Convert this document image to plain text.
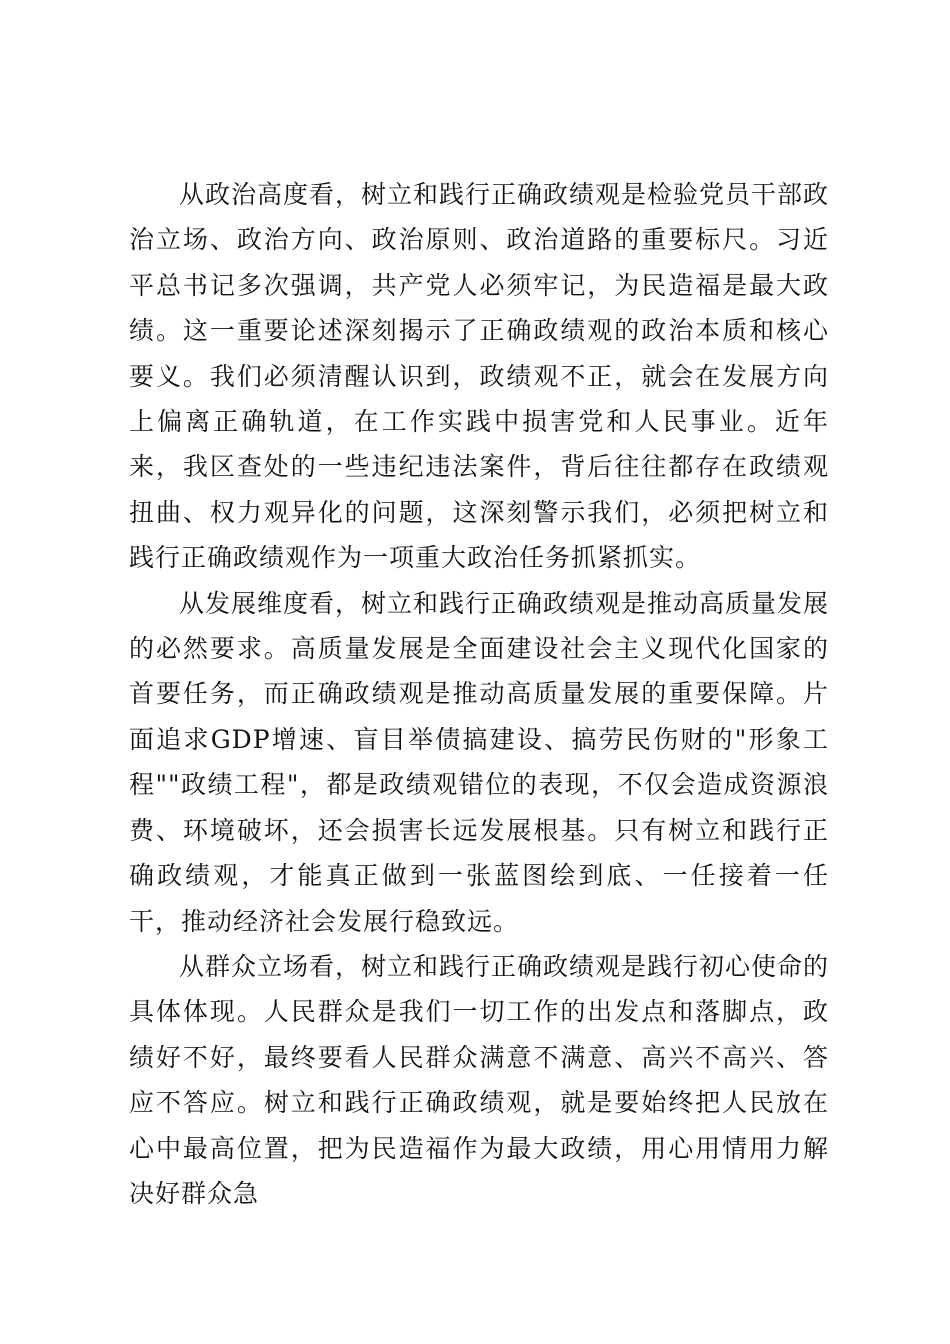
从政治高度看，树立和践行正确政绩观是检验党员干部政治立场、政治方向、政治原则、政治道路的重要标尺。习近平总书记多次强调，共产党人必须牢记，为民造福是最大政绩。这一重要论述深刻揭示了正确政绩观的政治本质和核心要义。我们必须清醒认识到，政绩观不正，就会在发展方向上偏离正确轨道，在工作实践中损害党和人民事业。近年来，我区查处的一些违纪违法案件，背后往往都存在政绩观扭曲、权力观异化的问题，这深刻警示我们，必须把树立和践行正确政绩观作为一项重大政治任务抓紧抓实。

从发展维度看，树立和践行正确政绩观是推动高质量发展的必然要求。高质量发展是全面建设社会主义现代化国家的首要任务，而正确政绩观是推动高质量发展的重要保障。片面追求GDP增速、盲目举债搞建设、搞劳民伤财的"形象工程""政绩工程"，都是政绩观错位的表现，不仅会造成资源浪费、环境破坏，还会损害长远发展根基。只有树立和践行正确政绩观，才能真正做到一张蓝图绘到底、一任接着一任干，推动经济社会发展行稳致远。

从群众立场看，树立和践行正确政绩观是践行初心使命的具体体现。人民群众是我们一切工作的出发点和落脚点，政绩好不好，最终要看人民群众满意不满意、高兴不高兴、答应不答应。树立和践行正确政绩观，就是要始终把人民放在心中最高位置，把为民造福作为最大政绩，用心用情用力解决好群众急
